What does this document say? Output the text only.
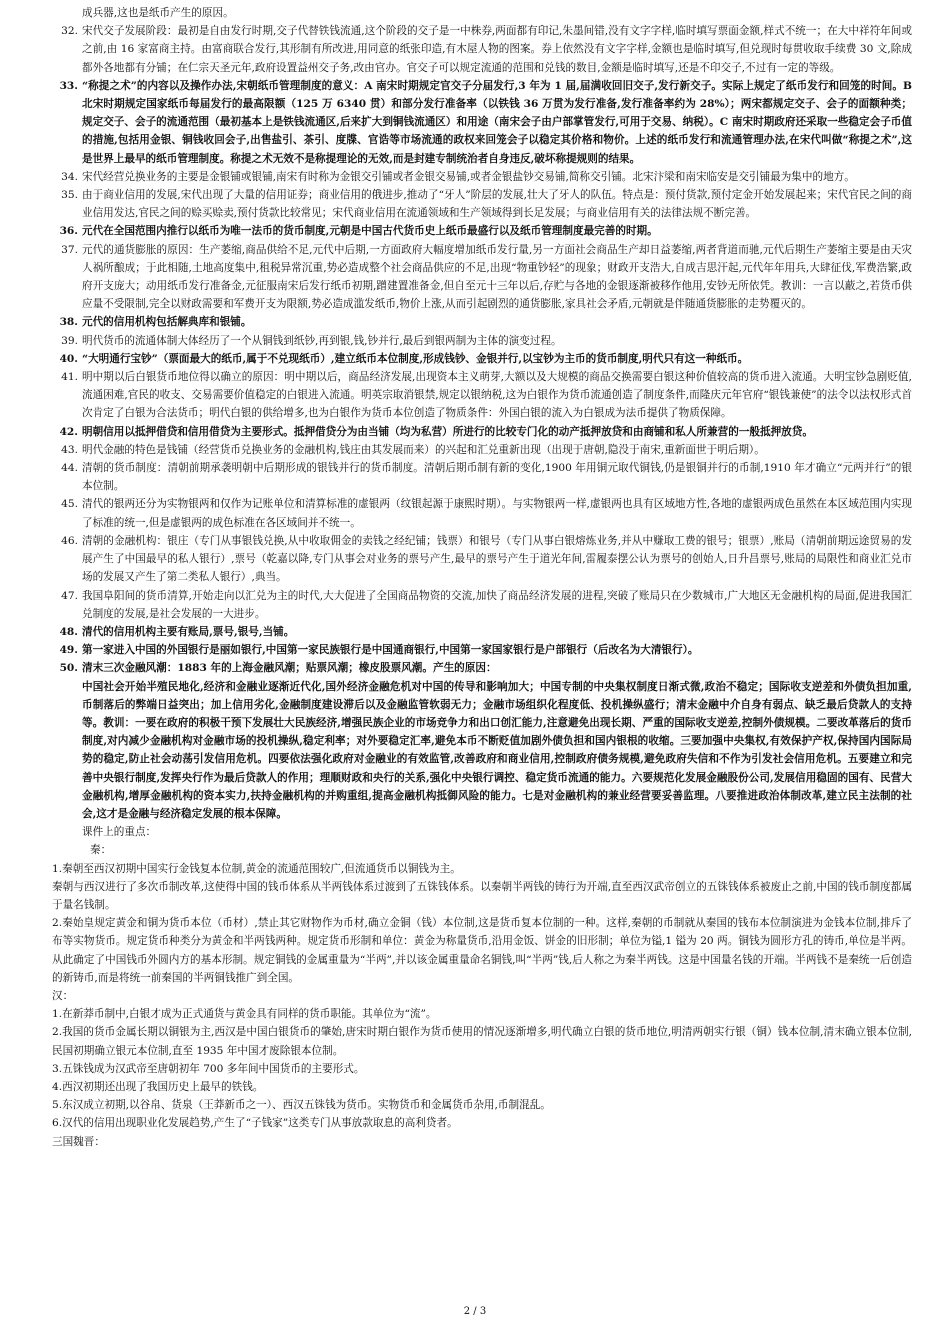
成兵器,这也是纸币产生的原因。
32. 宋代交子发展阶段：最初是自由发行时期,交子代替铁钱流通,这个阶段的交子是一中株券,两面都有印记,朱墨间错,没有文字字样,临时填写票面金额,样式不统一；在大中祥符年间或之前,由 16 家富商主持。由富商联合发行,其形制有所改进,用同意的纸张印造,有木屋人物的图案。券上依然没有文字字样,金额也是临时填写,但兑现时每贯收取手续费 30 文,除成都外各地都有分铺；在仁宗天圣元年,政府设置益州交子务,改由官办。官交子可以规定流通的范围和兑钱的数目,金额是临时填写,还是不印交子,不过有一定的等级。
33. “称提之术”的内容以及操作办法,宋朝纸币管理制度的意义：A 南宋时期规定官交子分届发行,3 年为 1 届,届满收回旧交子,发行新交子。实际上规定了纸币发行和回笼的时间。B 北宋时期规定国家纸币每届发行的最高限额（125 万 6340 贯）和部分发行准备率（以铁钱 36 万贯为发行准备,发行准备率约为 28%）；两宋都规定交子、会子的面额种类；规定交子、会子的流通范围（最初基本上是铁钱流通区,后来扩大到铜钱流通区）和用途（南宋会子由户部掌管发行,可用于交易、纳税）。C 南宋时期政府还采取一些稳定会子币值的措施,包括用金银、铜钱收回会子,出售盐引、茶引、度牒、官诰等市场流通的政权来回笼会子以稳定其价格和物价。上述的纸币发行和流通管理办法,在宋代叫做“称提之术”,这是世界上最早的纸币管理制度。称提之术无效不是称提理论的无效,而是封建专制统治者自身违反,破坏称提规则的结果。
34. 宋代经营兑换业务的主要是金银铺或银铺,南宋有时称为金银交引铺或者金银交易铺,或者金银盐钞交易铺,简称交引铺。北宋汴梁和南宋临安是交引铺最为集中的地方。
35. 由于商业信用的发展,宋代出现了大量的信用证券；商业信用的俄进步,推动了“牙人”阶层的发展,壮大了牙人的队伍。特点是：预付货款,预付定金开始发展起来；宋代官民之间的商业信用发达,官民之间的赊买赊卖,预付货款比较常见；宋代商业信用在流通领域和生产领域得到长足发展；与商业信用有关的法律法规不断完善。
36. 元代在全国范围内推行以纸币为唯一法币的货币制度,元朝是中国古代货币史上纸币最盛行以及纸币管理制度最完善的时期。
37. 元代的通货膨胀的原因：生产萎缩,商品供给不足,元代中后期,一方面政府大幅度增加纸币发行量,另一方面社会商品生产却日益萎缩,两者背道而驰,元代后期生产萎缩主要是由天灾人祸所酿成；于此相随,土地高度集中,租税异常沉重,势必造成整个社会商品供应的不足,出现“物重钞轻”的现象；财政开支浩大,自成吉思汗起,元代年年用兵,大肆征伐,军费浩繁,政府开支庞大；动用纸币发行准备金,元征服南宋后发行纸币初期,蹭建置准备金,但自至元十三年以后,存贮与各地的金银逐渐被移作他用,安钞无所依凭。教训：一言以蔽之,若货币供应量不受限制,完全以财政需要和军费开支为限额,势必造成滥发纸币,物价上涨,从而引起剧烈的通货膨胀,家具社会矛盾,元朝就是伴随通货膨胀的走势覆灭的。
38. 元代的信用机构包括解典库和银铺。
39. 明代货币的流通体制大体经历了一个从铜钱到纸钞,再到银,钱,钞并行,最后到银两制为主体的演变过程。
40. “大明通行宝钞”（票面最大的纸币,属于不兑现纸币）,建立纸币本位制度,形成钱钞、金银并行,以宝钞为主币的货币制度,明代只有这一种纸币。
41. 明中期以后白银货币地位得以确立的原因：明中期以后，商品经济发展,出现资本主义萌芽,大额以及大规模的商品交换需要白银这种价值较高的货币进入流通。大明宝钞急剧贬值,流通困难,官民的收支、交易需要价值稳定的白银进入流通。明英宗取消银禁,规定以银纳税,这为白银作为货币流通创造了制度条件,而隆庆元年官府“银钱兼使”的法令以法权形式首次肯定了白银为合法货币；明代白银的供给增多,也为白银作为货币本位创造了物质条件：外国白银的流入为白银成为法币提供了物质保障。
42. 明朝信用以抵押借贷和信用借贷为主要形式。抵押借贷分为由当铺（均为私营）所进行的比较专门化的动产抵押放贷和由商铺和私人所兼营的一般抵押放贷。
43. 明代金融的特色是钱铺（经营货币兑换业务的金融机构,钱庄由其发展而来）的兴起和汇兑重新出现（出现于唐朝,隐没于南宋,重新面世于明后期）。
44. 清朝的货币制度：清朝前期承袭明朝中后期形成的银钱并行的货币制度。清朝后期币制有新的变化,1900 年用铜元取代铜钱,仍是银铜并行的币制,1910 年才确立“元两并行”的银本位制。
45. 清代的银两还分为实物银两和仅作为记账单位和清算标准的虚银两（纹银起源于康熙时期）。与实物银两一样,虚银两也具有区域地方性,各地的虚银两成色虽然在本区域范围内实现了标准的统一,但是虚银两的成色标准在各区域间并不统一。
46. 清朝的金融机构：银庄（专门从事银钱兑换,从中收取佣金的卖钱之经纪铺；钱票）和银号（专门从事白银熔炼业务,并从中赚取工费的银号；银票）,账局（清朝前期远途贸易的发展产生了中国最早的私人银行）,票号（乾嘉以降,专门从事会对业务的票号产生,最早的票号产生于道光年间,雷履泰摆公认为票号的创始人,日升昌票号,账局的局限性和商业汇兑市场的发展又产生了第二类私人银行）,典当。
47. 我国阜阳间的货币清算,开始走向以汇兑为主的时代,大大促进了全国商品物资的交流,加快了商品经济发展的进程,突破了账局只在少数城市,广大地区无金融机构的局面,促进我国汇兑制度的发展,是社会发展的一大进步。
48. 清代的信用机构主要有账局,票号,银号,当铺。
49. 第一家进入中国的外国银行是丽如银行,中国第一家民族银行是中国通商银行,中国第一家国家银行是户部银行（后改名为大清银行）。
50. 清末三次金融风潮：1883 年的上海金融风潮；贴票风潮；橡皮股票风潮。产生的原因：
中国社会开始半殖民地化,经济和金融业逐渐近代化,国外经济金融危机对中国的传导和影响加大；中国专制的中央集权制度日渐式微,政治不稳定；国际收支逆差和外债负担加重,币制落后的弊端日益突出；加上信用劣化,金融制度建设滞后以及金融监管软弱无力；金融市场组织化程度低、投机操纵盛行；清末金融中介自身有弱点、缺乏最后贷款人的支持等。教训：一要在政府的积极干预下发展壮大民族经济,增强民族企业的市场竞争力和出口创汇能力,注意避免出现长期、严重的国际收支逆差,控制外债规模。二要改革落后的货币制度,对内减少金融机构对金融市场的投机操纵,稳定利率；对外要稳定汇率,避免本币不断贬值加剧外债负担和国内银根的收缩。三要加强中央集权,有效保护产权,保持国内国际局势的稳定,防止社会动荡引发信用危机。四要依法强化政府对金融业的有效监管,改善政府和商业信用,控制政府债务规模,避免政府失信和不作为引发社会信用危机。五要建立和完善中央银行制度,发挥央行作为最后贷款人的作用；理顺财政和央行的关系,强化中央银行调控、稳定货币流通的能力。六要规范化发展金融股份公司,发展信用稳固的国有、民营大金融机构,增厚金融机构的资本实力,扶持金融机构的并购重组,提高金融机构抵御风险的能力。七是对金融机构的兼业经营要妥善监理。八要推进政治体制改革,建立民主法制的社会,这才是金融与经济稳定发展的根本保障。
课件上的重点：
秦：
1.秦朝至西汉初期中国实行金钱复本位制,黄金的流通范围较广,但流通货币以铜钱为主。
秦朝与西汉进行了多次币制改革,这使得中国的钱币体系从半两钱体系过渡到了五铢钱体系。以秦朝半两钱的铸行为开端,直至西汉武帝创立的五铢钱体系被废止之前,中国的钱币制度都属于量名钱制。
2.秦始皇规定黄金和铜为货币本位（币材）,禁止其它财物作为币材,确立金铜（钱）本位制,这是货币复本位制的一种。这样,秦朝的币制就从秦国的钱布本位制演进为金钱本位制,排斥了布等实物货币。规定货币种类分为黄金和半两钱两种。规定货币形制和单位：黄金为称量货币,沿用金饭、饼金的旧形制；单位为镒,1 镒为 20 两。铜钱为圆形方孔的铸币,单位是半两。从此确定了中国钱币外圆内方的基本形制。规定铜钱的金属重量为“半两”,并以该金属重量命名铜钱,叫“半两”钱,后人称之为秦半两钱。这是中国量名钱的开端。半两钱不是秦统一后创造的新铸币,而是将统一前秦国的半两铜钱推广到全国。
汉：
1.在新莽币制中,白银才成为正式通货与黄金具有同样的货币职能。其单位为“流”。
2.我国的货币金属长期以铜银为主,西汉是中国白银货币的肇始,唐宋时期白银作为货币使用的情况逐渐增多,明代确立白银的货币地位,明清两朝实行银（铜）钱本位制,清末确立银本位制,民国初期确立银元本位制,直至 1935 年中国才废除银本位制。
3.五铢钱成为汉武帝至唐朝初年 700 多年间中国货币的主要形式。
4.西汉初期还出现了我国历史上最早的铁钱。
5.东汉成立初期,以谷帛、货泉（王莽新币之一）、西汉五铢钱为货币。实物货币和金属货币杂用,币制混乱。
6.汉代的信用出现职业化发展趋势,产生了“子钱家”这类专门从事放款取息的高利贷者。
三国魏晋：
2 / 3
